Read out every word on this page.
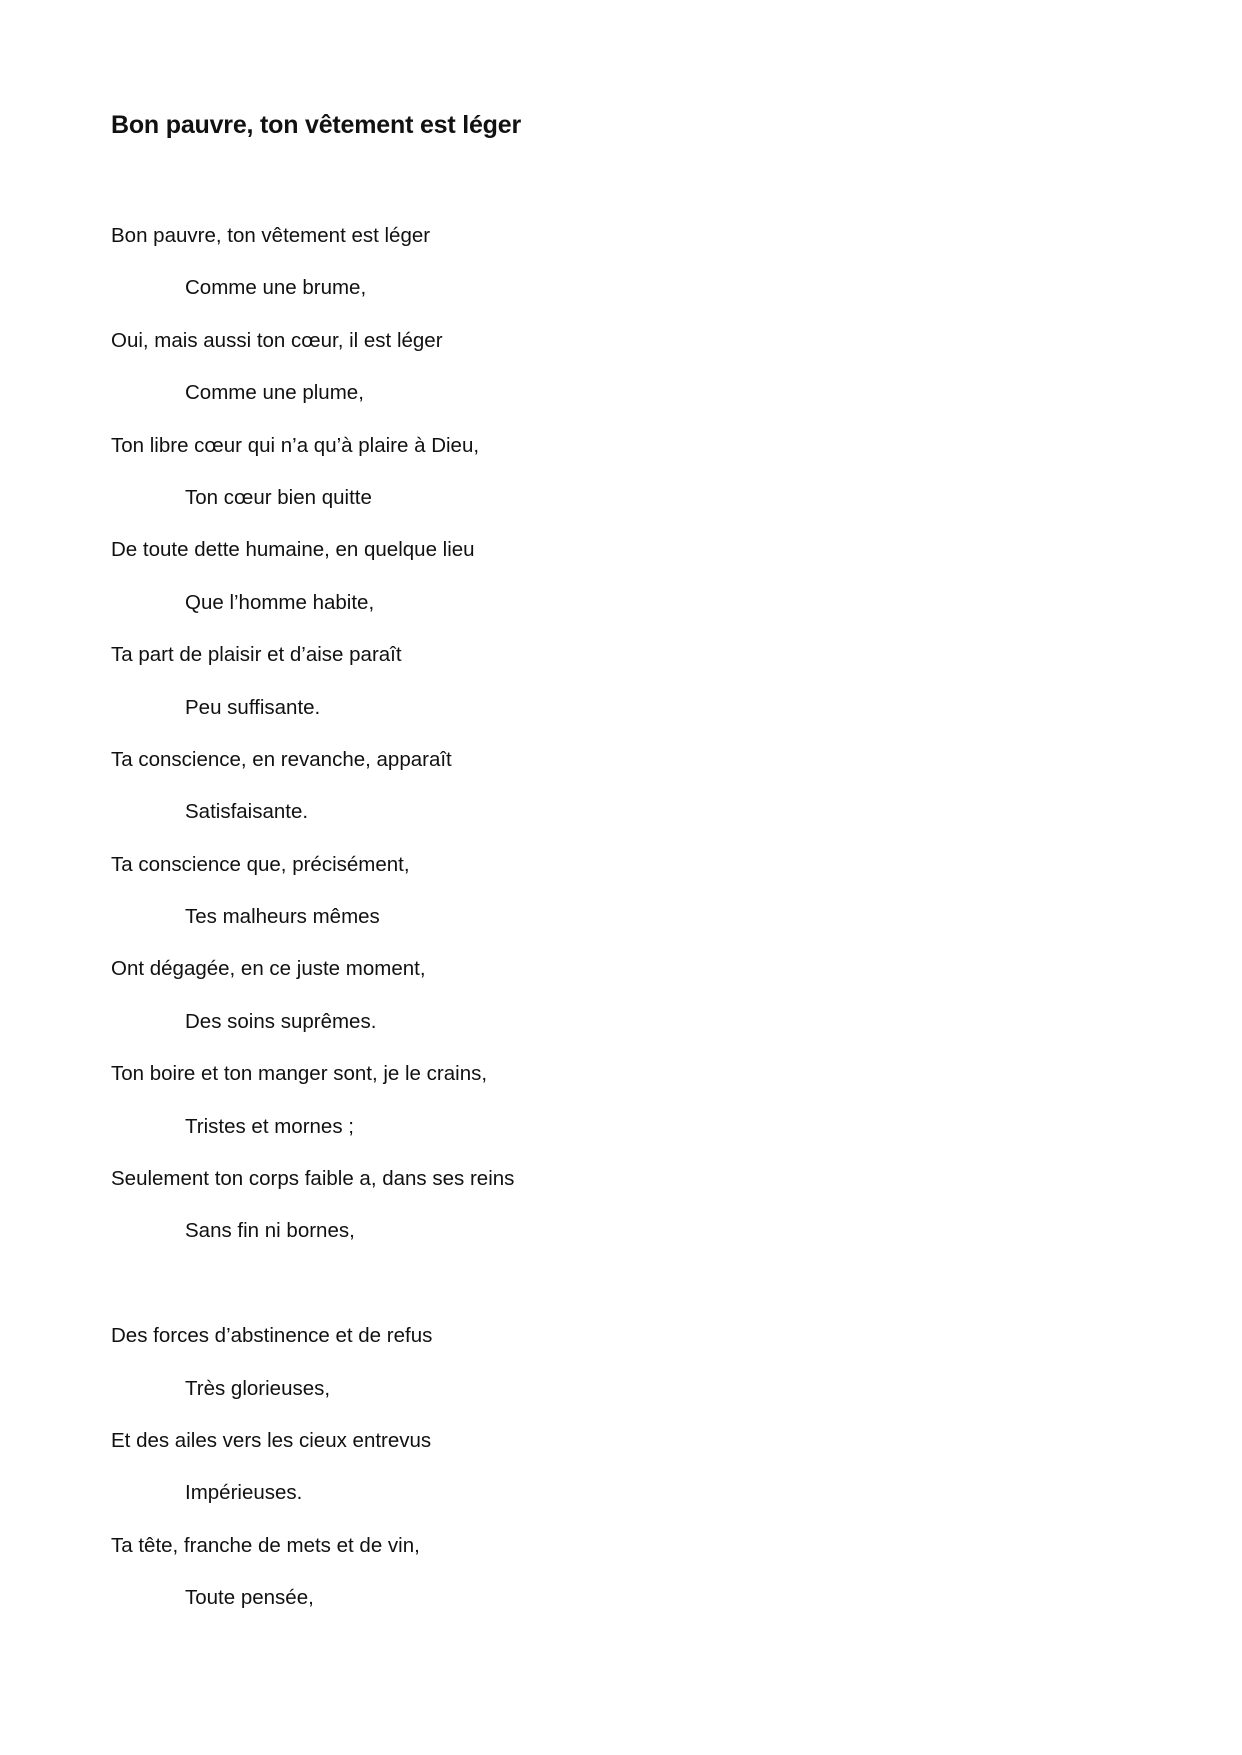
Bon pauvre, ton vêtement est léger
Bon pauvre, ton vêtement est léger
Comme une brume,
Oui, mais aussi ton cœur, il est léger
Comme une plume,
Ton libre cœur qui n’a qu’à plaire à Dieu,
Ton cœur bien quitte
De toute dette humaine, en quelque lieu
Que l’homme habite,
Ta part de plaisir et d’aise paraît
Peu suffisante.
Ta conscience, en revanche, apparaît
Satisfaisante.
Ta conscience que, précisément,
Tes malheurs mêmes
Ont dégagée, en ce juste moment,
Des soins suprêmes.
Ton boire et ton manger sont, je le crains,
Tristes et mornes ;
Seulement ton corps faible a, dans ses reins
Sans fin ni bornes,
Des forces d’abstinence et de refus
Très glorieuses,
Et des ailes vers les cieux entrevus
Impérieuses.
Ta tête, franche de mets et de vin,
Toute pensée,
